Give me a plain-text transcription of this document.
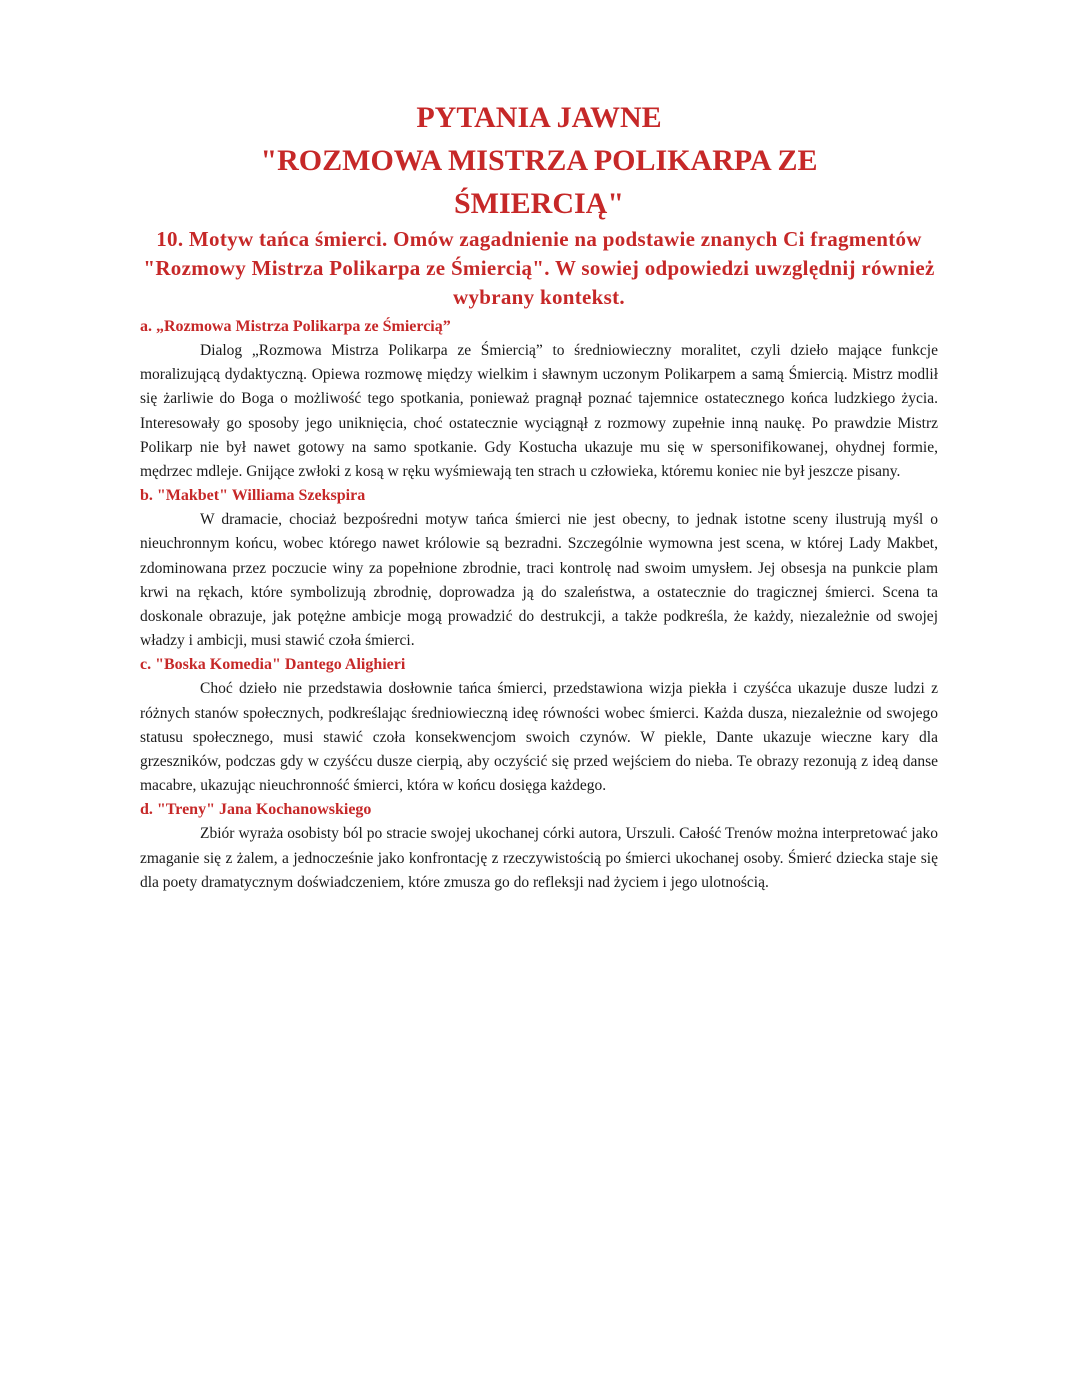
PYTANIA JAWNE
"ROZMOWA MISTRZA POLIKARPA ZE
ŚMIERCIĄ"
10. Motyw tańca śmierci. Omów zagadnienie na podstawie znanych Ci fragmentów "Rozmowy Mistrza Polikarpa ze Śmiercią". W sowiej odpowiedzi uwzględnij również wybrany kontekst.

a. „Rozmowa Mistrza Polikarpa ze Śmiercią”

Dialog „Rozmowa Mistrza Polikarpa ze Śmiercią” to średniowieczny moralitet, czyli dzieło mające funkcje moralizującą dydaktyczną. Opiewa rozmowę między wielkim i sławnym uczonym Polikarpem a samą Śmiercią. Mistrz modlił się żarliwie do Boga o możliwość tego spotkania, ponieważ pragnął poznać tajemnice ostatecznego końca ludzkiego życia. Interesowały go sposoby jego uniknięcia, choć ostatecznie wyciągnął z rozmowy zupełnie inną naukę. Po prawdzie Mistrz Polikarp nie był nawet gotowy na samo spotkanie. Gdy Kostucha ukazuje mu się w spersonifikowanej, ohydnej formie, mędrzec mdleje. Gnijące zwłoki z kosą w ręku wyśmiewają ten strach u człowieka, któremu koniec nie był jeszcze pisany.

b. "Makbet" Williama Szekspira

W dramacie, chociaż bezpośredni motyw tańca śmierci nie jest obecny, to jednak istotne sceny ilustrują myśl o nieuchronnym końcu, wobec którego nawet królowie są bezradni. Szczególnie wymowna jest scena, w której Lady Makbet, zdominowana przez poczucie winy za popełnione zbrodnie, traci kontrolę nad swoim umysłem. Jej obsesja na punkcie plam krwi na rękach, które symbolizują zbrodnię, doprowadza ją do szaleństwa, a ostatecznie do tragicznej śmierci. Scena ta doskonale obrazuje, jak potężne ambicje mogą prowadzić do destrukcji, a także podkreśla, że każdy, niezależnie od swojej władzy i ambicji, musi stawić czoła śmierci.

c. "Boska Komedia" Dantego Alighieri

Choć dzieło nie przedstawia dosłownie tańca śmierci, przedstawiona wizja piekła i czyśćca ukazuje dusze ludzi z różnych stanów społecznych, podkreślając średniowieczną ideę równości wobec śmierci. Każda dusza, niezależnie od swojego statusu społecznego, musi stawić czoła konsekwencjom swoich czynów. W piekle, Dante ukazuje wieczne kary dla grzeszników, podczas gdy w czyśćcu dusze cierpią, aby oczyścić się przed wejściem do nieba. Te obrazy rezonują z ideą danse macabre, ukazując nieuchronność śmierci, która w końcu dosięga każdego.

d. "Treny" Jana Kochanowskiego

Zbiór wyraża osobisty ból po stracie swojej ukochanej córki autora, Urszuli. Całość Trenów można interpretować jako zmaganie się z żalem, a jednocześnie jako konfrontację z rzeczywistością po śmierci ukochanej osoby. Śmierć dziecka staje się dla poety dramatycznym doświadczeniem, które zmusza go do refleksji nad życiem i jego ulotnością.
